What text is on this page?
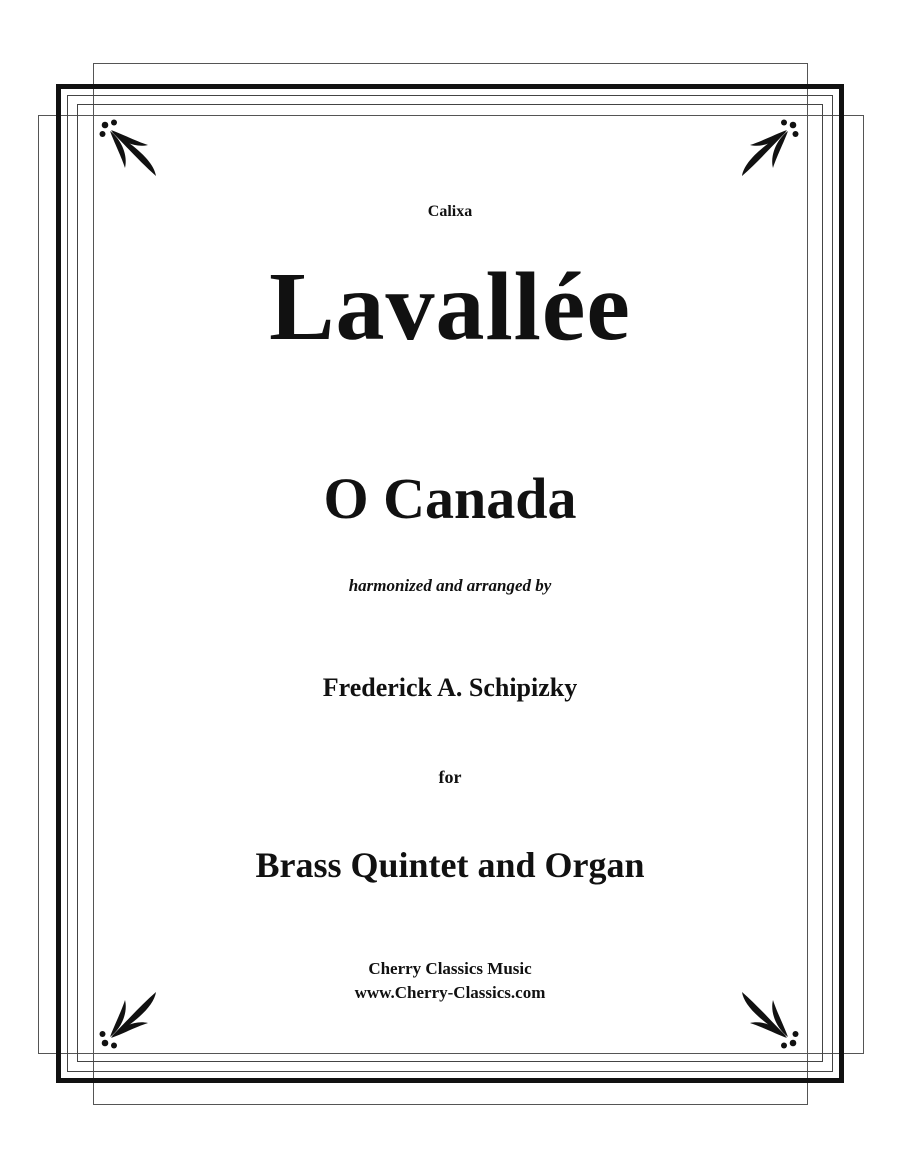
Calixa
Lavallée
O Canada
harmonized and arranged by
Frederick A. Schipizky
for
Brass Quintet and Organ
Cherry Classics Music
www.Cherry-Classics.com
